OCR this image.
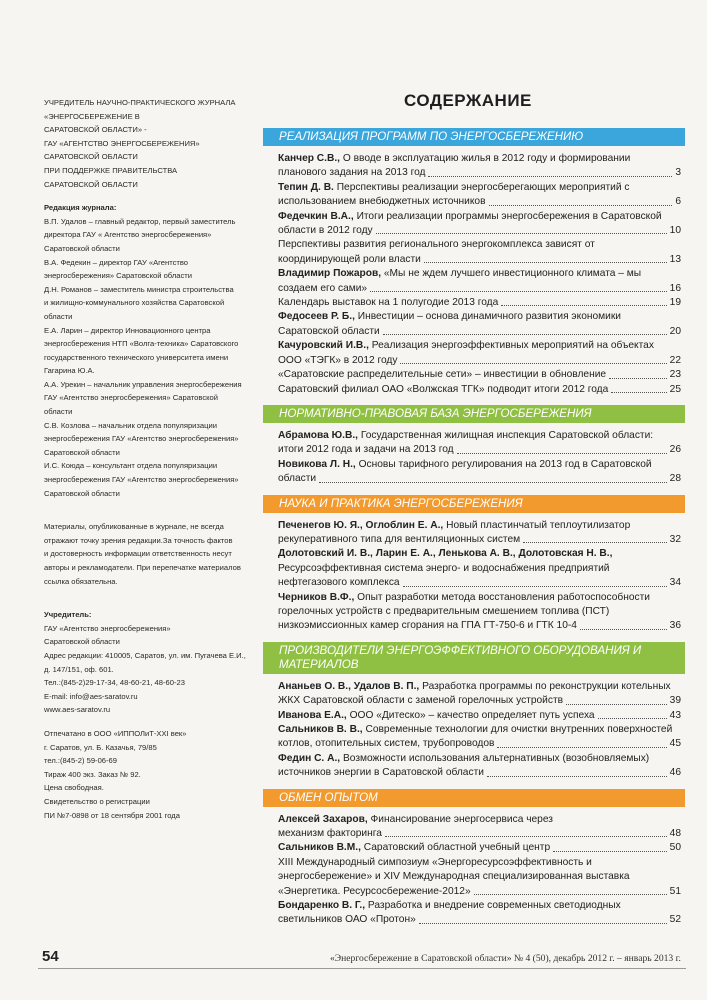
УЧРЕДИТЕЛЬ НАУЧНО-ПРАКТИЧЕСКОГО ЖУРНАЛА
«ЭНЕРГОСБЕРЕЖЕНИЕ В
САРАТОВСКОЙ ОБЛАСТИ» -
ГАУ «АГЕНТСТВО ЭНЕРГОСБЕРЕЖЕНИЯ»
САРАТОВСКОЙ ОБЛАСТИ
ПРИ ПОДДЕРЖКЕ ПРАВИТЕЛЬСТВА
САРАТОВСКОЙ ОБЛАСТИ
Редакция журнала:
В.П. Удалов – главный редактор, первый заместитель
директора ГАУ « Агентство энергосбережения»
Саратовской области
В.А. Федекин – директор ГАУ «Агентство
энергосбережения» Саратовской области
Д.Н. Романов – заместитель министра строительства
и жилищно-коммунального хозяйства Саратовской
области
Е.А. Ларин – директор Инновационного центра
энергосбережения НТП «Волга-техника» Саратовского
государственного технического университета имени
Гагарина Ю.А.
А.А. Урекин – начальник управления энергосбережения
ГАУ «Агентство энергосбережения» Саратовской
области
С.В. Козлова – начальник отдела популяризации
энергосбережения ГАУ «Агентство энергосбережения»
Саратовской области
И.С. Коюда – консультант отдела популяризации
энергосбережения ГАУ «Агентство энергосбережения»
Саратовской области
Материалы, опубликованные в журнале, не всегда
отражают точку зрения редакции.За точность фактов
и достоверность информации ответственность несут
авторы и рекламодатели. При перепечатке материалов
ссылка обязательна.
Учредитель:
ГАУ «Агентство энергосбережения»
Саратовской области
Адрес редакции: 410005, Саратов, ул. им. Пугачева Е.И.,
д. 147/151, оф. 601.
Тел.:(845-2)29-17-34, 48-60-21, 48-60-23
E-mail: info@aes-saratov.ru
www.aes-saratov.ru
Отпечатано в ООО «ИППОЛиТ-XXI век»
г. Саратов, ул. Б. Казачья, 79/85
тел.:(845-2) 59-06-69
Тираж 400 экз. Заказ № 92.
Цена свободная.
Свидетельство о регистрации
ПИ №7-0898 от 18 сентября 2001 года
СОДЕРЖАНИЕ
РЕАЛИЗАЦИЯ ПРОГРАММ ПО ЭНЕРГОСБЕРЕЖЕНИЮ
Канчер С.В., О вводе в эксплуатацию жилья в 2012 году и формировании
планового задания на 2013 год	3
Тепин Д. В. Перспективы реализации энергосберегающих мероприятий с
использованием внебюджетных источников	6
Федечкин В.А., Итоги реализации программы энергосбережения в Саратовской
области в 2012 году	10
Перспективы развития регионального энергокомплекса зависят от
координирующей роли власти	13
Владимир Пожаров, «Мы не ждем лучшего инвестиционного климата – мы
создаем его сами»	16
Календарь выставок на 1 полугодие 2013 года	19
Федосеев Р. Б., Инвестиции – основа динамичного развития экономики
Саратовской области	20
Качуровский И.В., Реализация энергоэффективных мероприятий на объектах
ООО «ТЭГК» в 2012 году	22
«Саратовские распределительные сети» – инвестиции в обновление	23
Саратовский филиал ОАО «Волжская ТГК» подводит итоги 2012 года	25
НОРМАТИВНО-ПРАВОВАЯ БАЗА ЭНЕРГОСБЕРЕЖЕНИЯ
Абрамова Ю.В., Государственная жилищная инспекция Саратовской области:
итоги 2012 года и задачи на 2013 год	26
Новикова Л. Н., Основы тарифного регулирования на 2013 год в Саратовской
области	28
НАУКА И ПРАКТИКА ЭНЕРГОСБЕРЕЖЕНИЯ
Печенегов Ю. Я., Оглоблин Е. А., Новый пластинчатый теплоутилизатор
рекуперативного типа для вентиляционных систем	32
Долотовский И. В., Ларин Е. А., Ленькова А. В., Долотовская Н. В., Ресурсоэффективная система энерго- и водоснабжения предприятий
нефтегазового комплекса	34
Черников В.Ф., Опыт разработки метода восстановления работоспособности
горелочных устройств с предварительным смешением топлива (ПСТ)
низкоэмиссионных камер сгорания на ГПА ГТ-750-6 и ГТК 10-4	36
ПРОИЗВОДИТЕЛИ ЭНЕРГОЭФФЕКТИВНОГО ОБОРУДОВАНИЯ И МАТЕРИАЛОВ
Ананьев О. В., Удалов В. П., Разработка программы по реконструкции котельных
ЖКХ Саратовской области с заменой горелочных устройств	39
Иванова Е.А., ООО «Дитеско» – качество определяет путь успеха	43
Сальников В. В., Современные технологии для очистки внутренних поверхностей
котлов, отопительных систем, трубопроводов	45
Федин С. А., Возможности использования альтернативных (возобновляемых)
источников энергии в Саратовской области	46
ОБМЕН ОПЫТОМ
Алексей Захаров, Финансирование энергосервиса через
механизм факторинга	48
Сальников В.М., Саратовский областной учебный центр	50
XIII Международный симпозиум «Энергоресурсоэффективность и
энергосбережение» и XIV Международная специализированная выставка
«Энергетика. Ресурсосбережение-2012»	51
Бондаренко В. Г., Разработка и внедрение современных светодиодных
светильников ОАО «Протон»	52
54	«Энергосбережение в Саратовской области» № 4 (50), декабрь 2012 г. – январь 2013 г.
